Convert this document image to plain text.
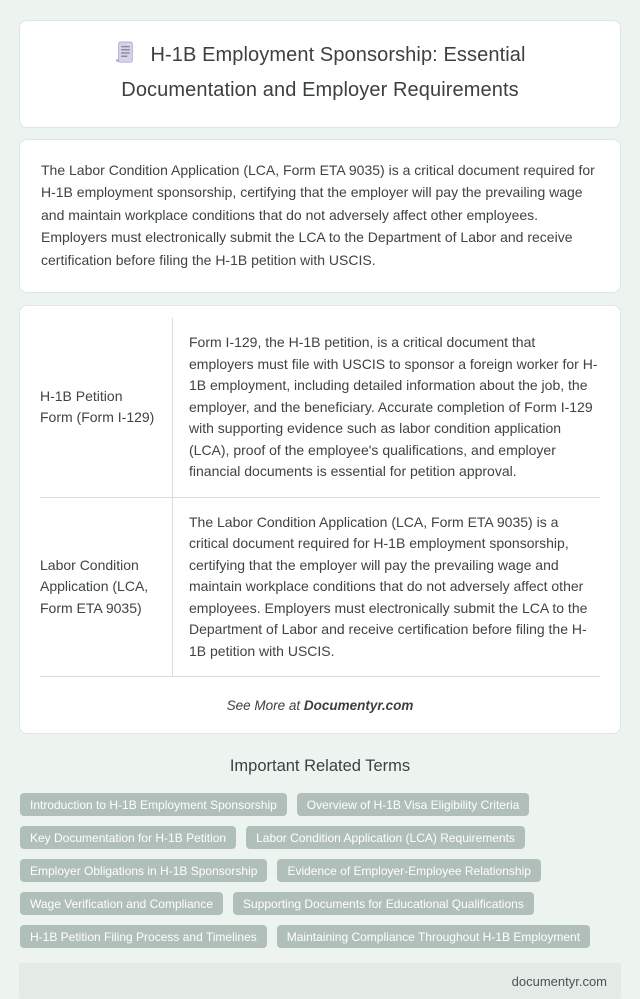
H-1B Employment Sponsorship: Essential
Documentation and Employer Requirements

The Labor Condition Application (LCA, Form ETA 9035) is a critical document required for H-1B employment sponsorship, certifying that the employer will pay the prevailing wage and maintain workplace conditions that do not adversely affect other employees. Employers must electronically submit the LCA to the Department of Labor and receive certification before filing the H-1B petition with USCIS.

H-1B Petition Form (Form I-129)	Form I-129, the H-1B petition, is a critical document that employers must file with USCIS to sponsor a foreign worker for H-1B employment, including detailed information about the job, the employer, and the beneficiary. Accurate completion of Form I-129 with supporting evidence such as labor condition application (LCA), proof of the employee's qualifications, and employer financial documents is essential for petition approval.
Labor Condition Application (LCA, Form ETA 9035)	The Labor Condition Application (LCA, Form ETA 9035) is a critical document required for H-1B employment sponsorship, certifying that the employer will pay the prevailing wage and maintain workplace conditions that do not adversely affect other employees. Employers must electronically submit the LCA to the Department of Labor and receive certification before filing the H-1B petition with USCIS.
See More at Documentyr.com
Important Related Terms
Introduction to H-1B Employment Sponsorship	Overview of H-1B Visa Eligibility Criteria
Key Documentation for H-1B Petition	Labor Condition Application (LCA) Requirements
Employer Obligations in H-1B Sponsorship	Evidence of Employer-Employee Relationship
Wage Verification and Compliance	Supporting Documents for Educational Qualifications
H-1B Petition Filing Process and Timelines	Maintaining Compliance Throughout H-1B Employment
documentyr.com
